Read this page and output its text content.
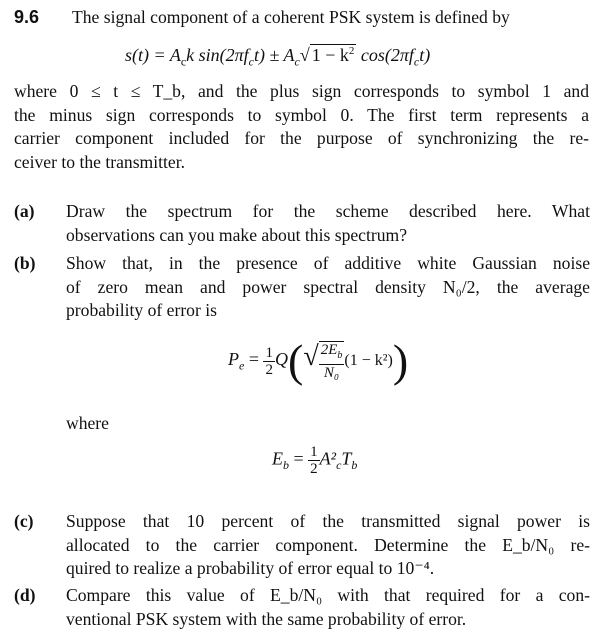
9.6 The signal component of a coherent PSK system is defined by
$s(t) = A_ck$ $\sin(2\pi f_ct) \pm A_c√$ $1 - k^2$ $\cos(2\pi f_ct)$
where 0 ≤ t ≤ T_b, and the plus sign corresponds to symbol 1 and
the minus sign corresponds to symbol 0. The first term represents a
carrier component included for the purpose of synchronizing the re-
ceiver to the transmitter.
(a) Draw the spectrum for the scheme described here. What
observations can you make about this spectrum?
(b) Show that, in the presence of additive white Gaussian noise
of zero mean and power spectral density N₀/2, the average
probability of error is
$P_e = \frac{1}{2} Q(√ \frac{2E_b}{\text{N₀}} (1 - k^2))$
where
$E_b = \frac{1}{2} A^2_cT_b$
(c) Suppose that 10 percent of the transmitted signal power is
allocated to the carrier component. Determine the E_b/N₀ re-
quired to realize a probability of error equal to 10⁻⁴.
(d) Compare this value of E_b/N₀ with that required for a con-
ventional PSK system with the same probability of error.
